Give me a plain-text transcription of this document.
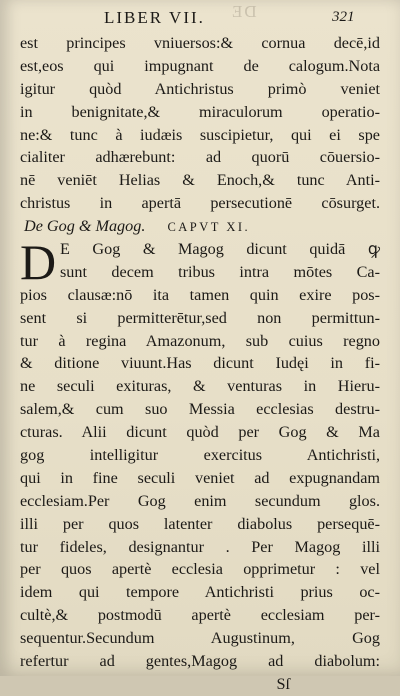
DE
LIBER VII.	321
est principes vniuersos:& cornua decē,id
est,eos qui impugnant de calogum.Nota
igitur quòd Antichristus primò veniet
in benignitate,& miraculorum operatio-
ne:& tunc à iudæis suscipietur, qui ei spe
cialiter adhærebunt: ad quorū cōuersio-
nē veniēt Helias & Enoch,& tunc Anti-
christus in apertā persecutionē cōsurget.
De Gog & Magog. CAPVT XI.
D E Gog & Magog dicunt quidā ꝙ
sunt decem tribus intra mōtes Ca-
pios clausæ:nō ita tamen quin exire pos-
sent si permitterētur,sed non permittun-
tur à regina Amazonum, sub cuius regno
& ditione viuunt.Has dicunt Iudęi in fi-
ne seculi exituras, & venturas in Hieru-
salem,& cum suo Messia ecclesias destru-
cturas. Alii dicunt quòd per Gog & Ma
gog intelligitur exercitus Antichristi,
qui in fine seculi veniet ad expugnandam
ecclesiam.Per Gog enim secundum glos.
illi per quos latenter diabolus persequē-
tur fideles, designantur . Per Magog illi
per quos apertè ecclesia opprimetur : vel
idem qui tempore Antichristi prius oc-
cultè,& postmodū apertè ecclesiam per-
sequentur.Secundum Augustinum, Gog
refertur ad gentes,Magog ad diabolum:
Sſ
